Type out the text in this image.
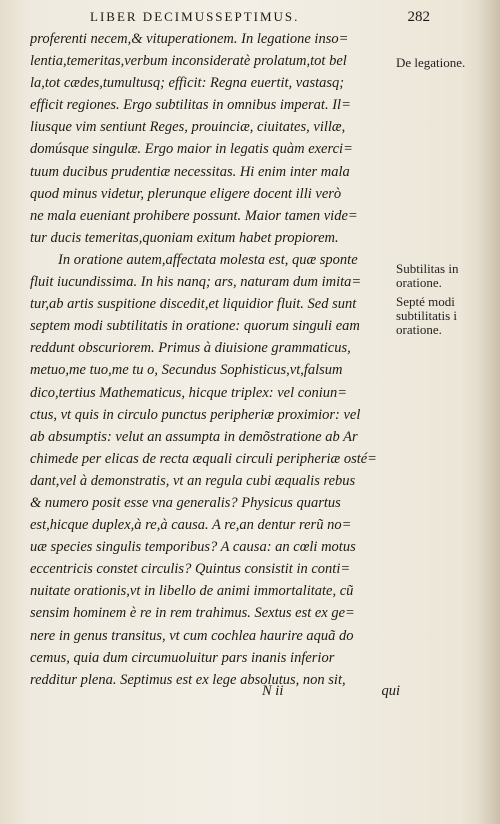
LIBER DECIMUSSEPTIMUS.	282
proferenti necem,& vituperationem. In legatione inso=
lentia,temeritas,verbum inconsideratè prolatum,tot bel
la,tot cædes,tumultusq; efficit: Regna euertit, vastasq;
efficit regiones. Ergo subtilitas in omnibus imperat. Il=
liusque vim sentiunt Reges, prouinciæ, ciuitates, villæ,
domúsque singulæ. Ergo maior in legatis quàm exerci=
tuum ducibus prudentiæ necessitas. Hi enim inter mala
quod minus videtur, plerunque eligere docent illi verò
ne mala eueniant prohibere possunt. Maior tamen vide=
tur ducis temeritas,quoniam exitum habet propiorem.
In oratione autem,affectata molesta est, quæ sponte
fluit iucundissima. In his nanq; ars, naturam dum imita=
tur,ab artis suspitione discedit,et liquidior fluit. Sed sunt
septem modi subtilitatis in oratione: quorum singuli eam
reddunt obscuriorem. Primus à diuisione grammaticus,
metuo,me tuo,me tu o, Secundus Sophisticus,vt,falsum
dico,tertius Mathematicus, hicque triplex: vel coniun=
ctus, vt quis in circulo punctus peripheriæ proximior: vel
ab absumptis: velut an assumpta in demõstratione ab Ar
chimede per elicas de recta æquali circuli peripheriæ osté=
dant,vel à demonstratis, vt an regula cubi æqualis rebus
& numero posit esse vna generalis? Physicus quartus
est,hicque duplex,à re,à causa. A re,an dentur rerũ no=
uæ species singulis temporibus? A causa: an cœli motus
eccentricis constet circulis? Quintus consistit in conti=
nuitate orationis,vt in libello de animi immortalitate, cũ
sensim hominem è re in rem trahimus. Sextus est ex ge=
nere in genus transitus, vt cum cochlea haurire aquã do
cemus, quia dum circumuoluitur pars inanis inferior
redditur plena. Septimus est ex lege absolutus, non sit,
De legatione.
Subtilitas in oratione.
Septé modi subtilitatis i oratione.
N ii	qui
